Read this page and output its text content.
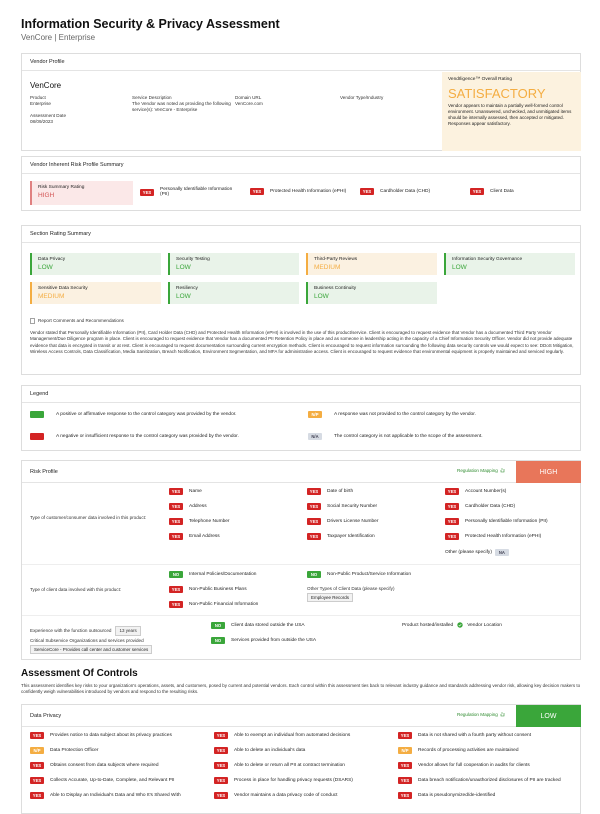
Information Security & Privacy Assessment
VenCore | Enterprise
Vendor Profile
VenCore
Product
Enterprise
Assessment Date
08/09/2023
Service Description
The Vendor was noted as providing the following service(s): VenCore - Enterprise
Domain URL
VenCore.com
Vendor Type/Industry
VendIligence™ Overall Rating
SATISFACTORY
Vendor appears to maintain a partially well-formed control environment. Unanswered, unchecked, and unmitigated items should be internally assessed, then accepted or mitigated. Responses appear satisfactory.
Vendor Inherent Risk Profile Summary
Risk Summary Rating
HIGH	YES	Personally Identifiable Information (PII)
YES	Protected Health Information (ePHI)	YES	Cardholder Data (CHD)	YES	Client Data
Section Rating Summary
Data Privacy
LOW
Security Testing
LOW
Third-Party Reviews
MEDIUM
Information Security Governance
LOW
Sensitive Data Security
MEDIUM
Resiliency
LOW
Business Continuity
LOW
Report Comments and Recommendations
Vendor stated that Personally Identifiable Information (PII), Card Holder Data (CHD) and Protected Health Information (ePHI) is involved in the use of this product/service. Client is encouraged to request evidence that Vendor has a documented Third Party Vendor Management/Due Diligence program in place. Client is encouraged to request evidence that Vendor has a documented PII Retention Policy in place and as someone in leadership acting in the capacity of a Chief Information Security Officer. Vendor did not provide adequate evidence that data is encrypted in transit or at rest. Client is encouraged to request documentation surrounding current encryption methods. Client is encouraged to request information surrounding the following data security controls we would expect to see: DDoS Mitigation, Wireless Access Controls, Data Classification, Media Sanitization, Breach Notification, Environment Segmentation, and MFA for administrative access. Client is encouraged to request evidence that environmental equipment is properly maintained and serviced regularly.
Legend
A positive or affirmative response to the control category was provided by the vendor.	N/P	A response was not provided to the control category by the vendor.
A negative or insufficient response to the control category was provided by the vendor.	N/A	The control category is not applicable to the scope of the assessment.
Risk Profile	Regulation Mapping	HIGH
Type of customer/consumer data involved in this product:
YES	Name	YES	Date of birth	YES	Account Number(s)
YES	Address	YES	Social Security Number	YES	Cardholder Data (CHD)
YES	Telephone Number	YES	Drivers License Number	YES	Personally Identifiable Information (PII)
YES	Email Address	YES	Taxpayer Identification	YES	Protected Health Information (ePHI)
Other (please specify)	NA
Type of client data involved with this product:
NO	Internal Policies/Documentation	NO	Non-Public Product/Service Information
YES	Non-Public Business Plans
YES	Non-Public Financial Information
Other Types of Client Data (please specify)
Employee Records
Experience with the function outsourced	13 years
Critical Subservice Organizations and services provided
ServiceCore - Provides call center and customer services
NO	Client data stored outside the USA
NO	Services provided from outside the USA
Product hosted/installed	Vendor Location
Assessment Of Controls
This assessment identifies key risks to your organization's operations, assets, and customers, posed by current and potential vendors. Each control within this assessment ties back to relevant industry guidance and standards addressing vendor risk, allowing key decision makers to confidently weigh vulnerabilities introduced by vendors and respond to the resulting risks.
Data Privacy	Regulation Mapping	LOW
YES	Provides notice to data subject about its privacy practices	YES	Able to exempt an individual from automated decisions	YES	Data is not shared with a fourth party without consent
N/P	Data Protection Officer	YES	Able to delete an individual's data	N/P	Records of processing activities are maintained
YES	Obtains consent from data subjects where required	YES	Able to delete or return all PII at contract termination	YES	Vendor allows for full cooperation in audits for clients
YES	Collects Accurate, Up-to-Date, Complete, and Relevant PII	YES	Process in place for handling privacy requests (DSARS)	YES	Data breach notification/unauthorized disclosures of PII are tracked
YES	Able to Display an Individual's Data and Who It's Shared With	YES	Vendor maintains a data privacy code of conduct	YES	Data is pseudonymized/de-identified
